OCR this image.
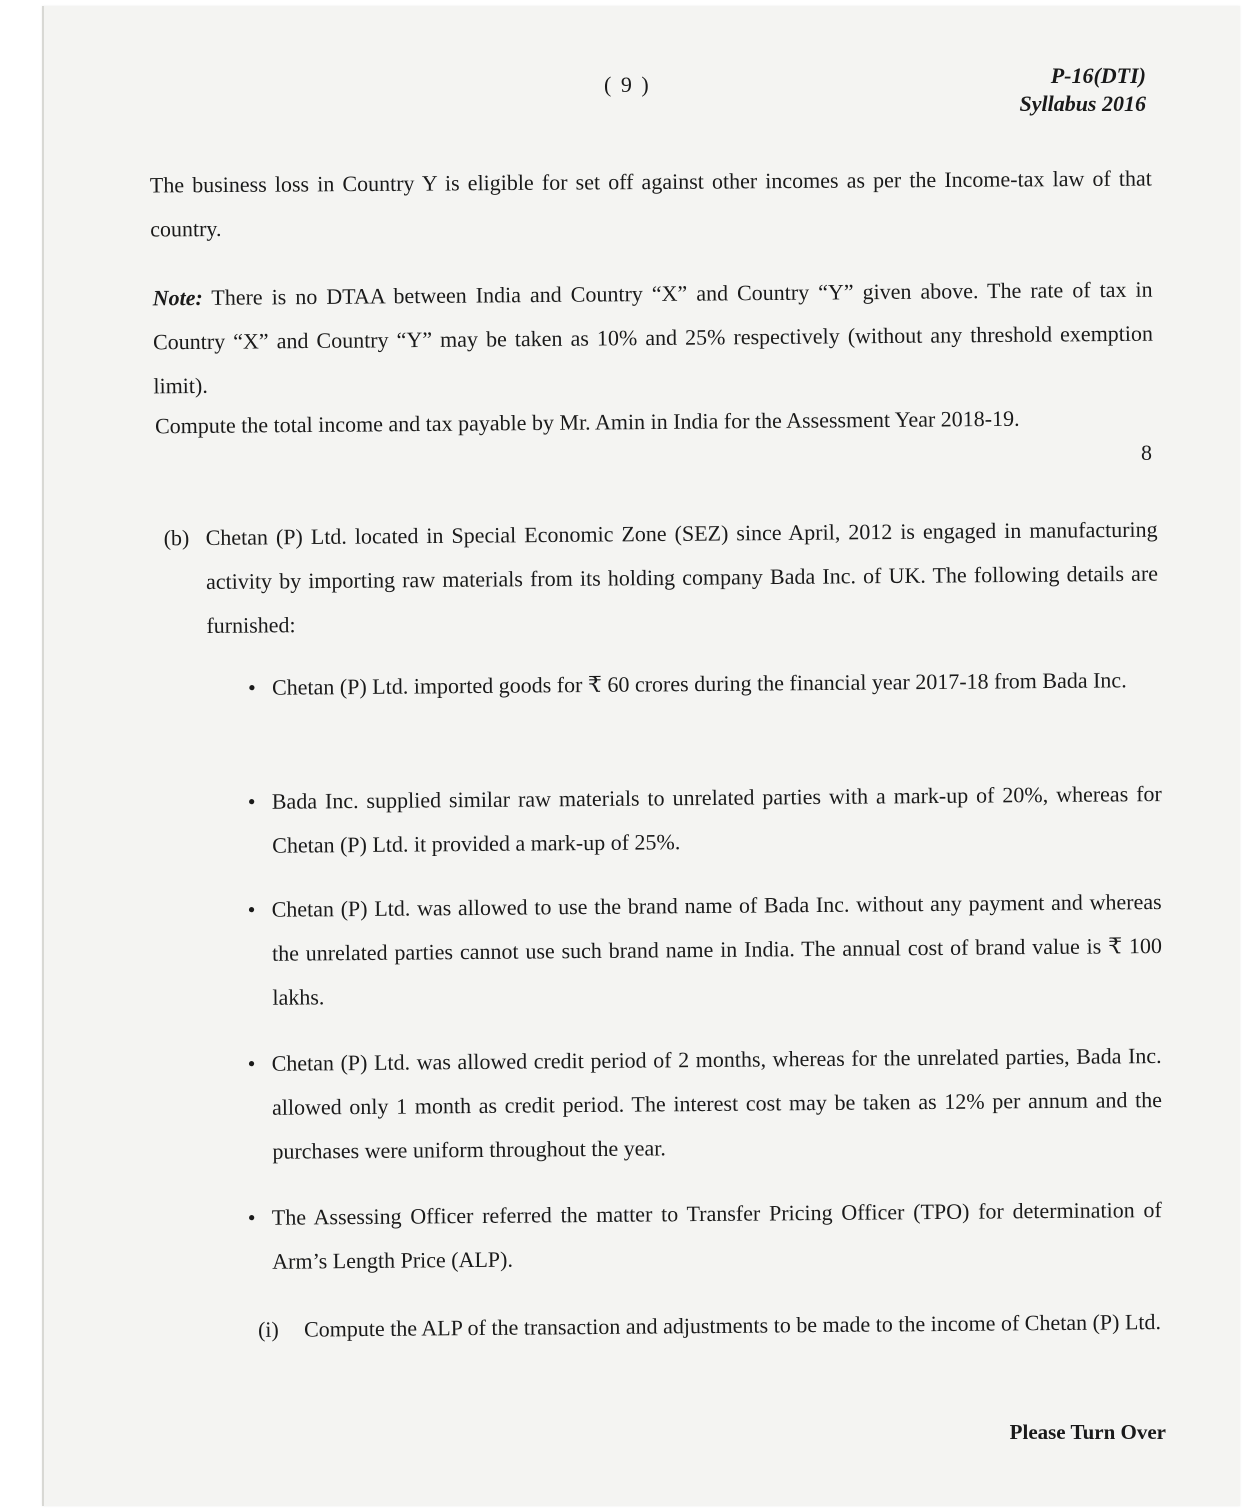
( 9 )	P-16(DTI)
Syllabus 2016

The business loss in Country Y is eligible for set off against other incomes as per the Income-tax law of that country.

Note: There is no DTAA between India and Country “X” and Country “Y” given above. The rate of tax in Country “X” and Country “Y” may be taken as 10% and 25% respectively (without any threshold exemption limit).

Compute the total income and tax payable by Mr. Amin in India for the Assessment Year 2018-19.

8
(b) Chetan (P) Ltd. located in Special Economic Zone (SEZ) since April, 2012 is engaged in manufacturing activity by importing raw materials from its holding company Bada Inc. of UK. The following details are furnished:
• Chetan (P) Ltd. imported goods for ₹ 60 crores during the financial year 2017-18 from Bada Inc.
• Bada Inc. supplied similar raw materials to unrelated parties with a mark-up of 20%, whereas for Chetan (P) Ltd. it provided a mark-up of 25%.
• Chetan (P) Ltd. was allowed to use the brand name of Bada Inc. without any payment and whereas the unrelated parties cannot use such brand name in India. The annual cost of brand value is ₹ 100 lakhs.
• Chetan (P) Ltd. was allowed credit period of 2 months, whereas for the unrelated parties, Bada Inc. allowed only 1 month as credit period. The interest cost may be taken as 12% per annum and the purchases were uniform throughout the year.
• The Assessing Officer referred the matter to Transfer Pricing Officer (TPO) for determination of Arm’s Length Price (ALP).
(i) Compute the ALP of the transaction and adjustments to be made to the income of Chetan (P) Ltd.
Please Turn Over
